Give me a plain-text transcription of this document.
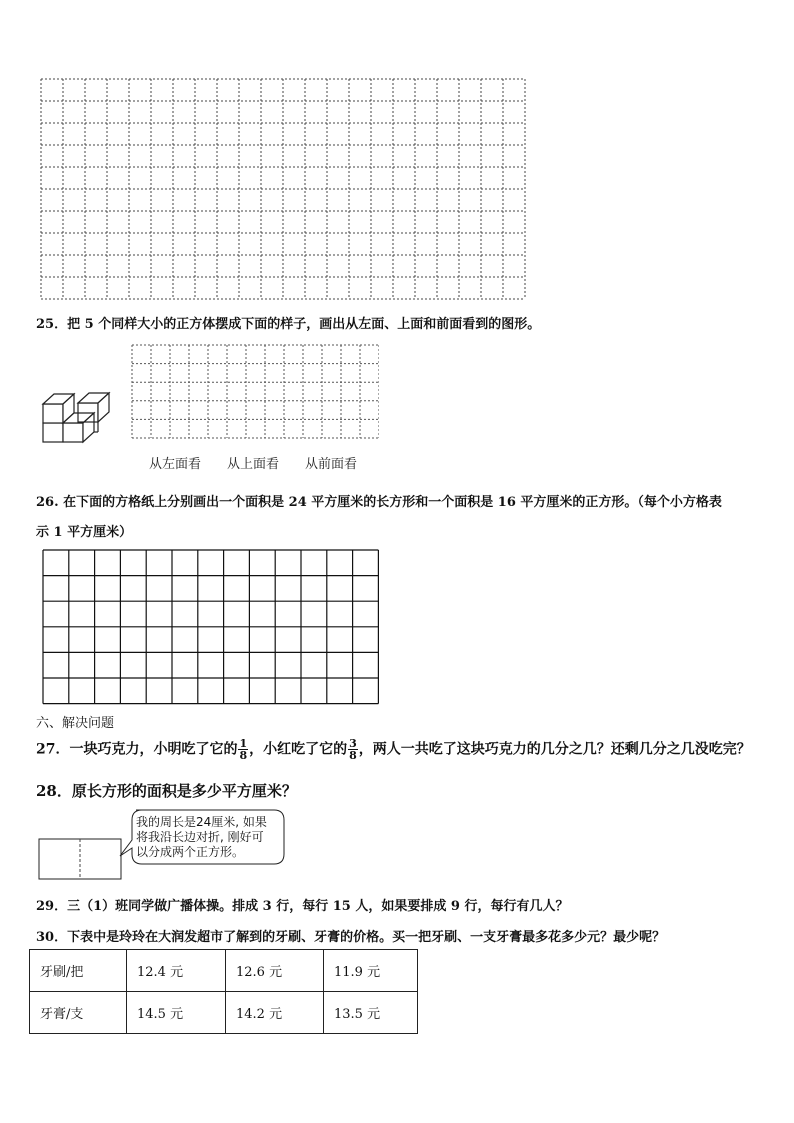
25．把 5 个同样大小的正方体摆成下面的样子，画出从左面、上面和前面看到的图形。
从左面看 从上面看 从前面看
26. 在下面的方格纸上分别画出一个面积是 24 平方厘米的长方形和一个面积是 16 平方厘米的正方形。（每个小方格表
示 1 平方厘米）
六、解决问题
27．一块巧克力，小明吃了它的 $\frac{1}{8}$ ，小红吃了它的 $\frac{3}{8}$ ，两人一共吃了这块巧克力的几分之几？还剩几分之几没吃完？
28．原长方形的面积是多少平方厘米？
我的周长是24厘米, 如果
将我沿长边对折, 刚好可
以分成两个正方形。
29．三（1）班同学做广播体操。排成 3 行，每行 15 人，如果要排成 9 行，每行有几人？
30．下表中是玲玲在大润发超市了解到的牙刷、牙膏的价格。买一把牙刷、一支牙膏最多花多少元？最少呢？
牙刷/把	12.4 元	12.6 元	11.9 元
牙膏/支	14.5 元	14.2 元	13.5 元
